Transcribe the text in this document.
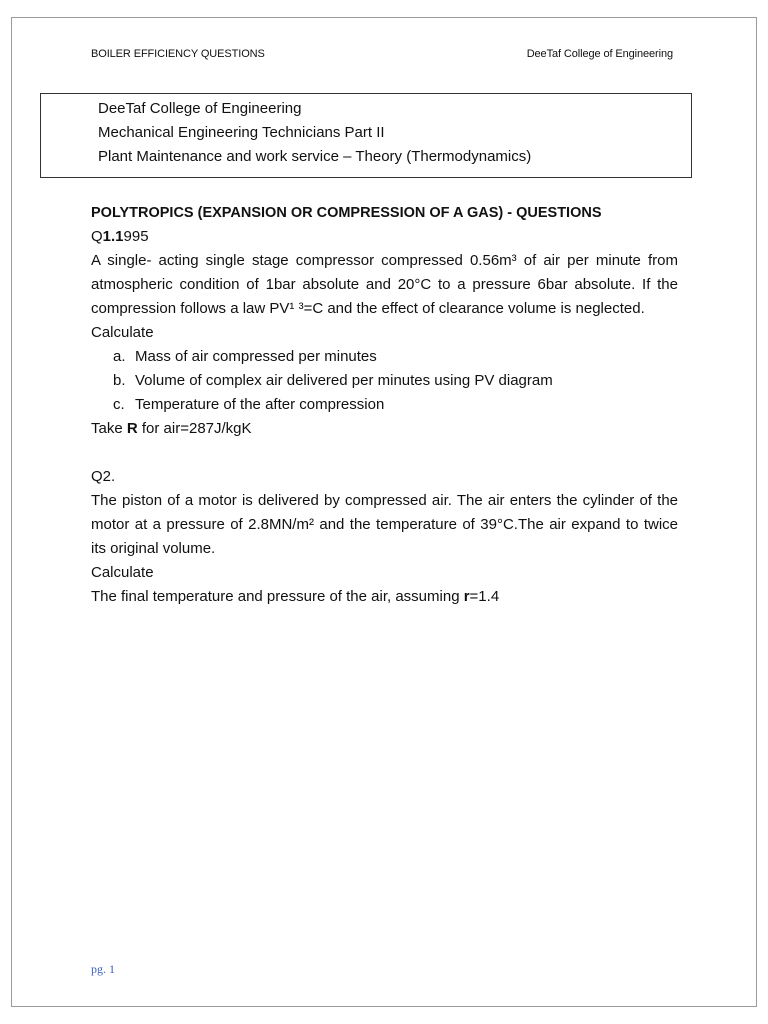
BOILER EFFICIENCY QUESTIONS	DeeTaf College of Engineering
DeeTaf College of Engineering
Mechanical Engineering Technicians Part II
Plant Maintenance and work service – Theory (Thermodynamics)
POLYTROPICS (EXPANSION OR COMPRESSION OF A GAS) - QUESTIONS
Q1.1995
A single- acting single stage compressor compressed 0.56m³ of air per minute from atmospheric condition of 1bar absolute and 20°C to a pressure 6bar absolute. If the compression follows a law PV¹ ³=C and the effect of clearance volume is neglected.
Calculate
a. Mass of air compressed per minutes
b. Volume of complex air delivered per minutes using PV diagram
c. Temperature of the after compression
Take R for air=287J/kgK
Q2.
The piston of a motor is delivered by compressed air. The air enters the cylinder of the motor at a pressure of 2.8MN/m² and the temperature of 39°C.The air expand to twice its original volume.
Calculate
The final temperature and pressure of the air, assuming r=1.4
pg. 1
